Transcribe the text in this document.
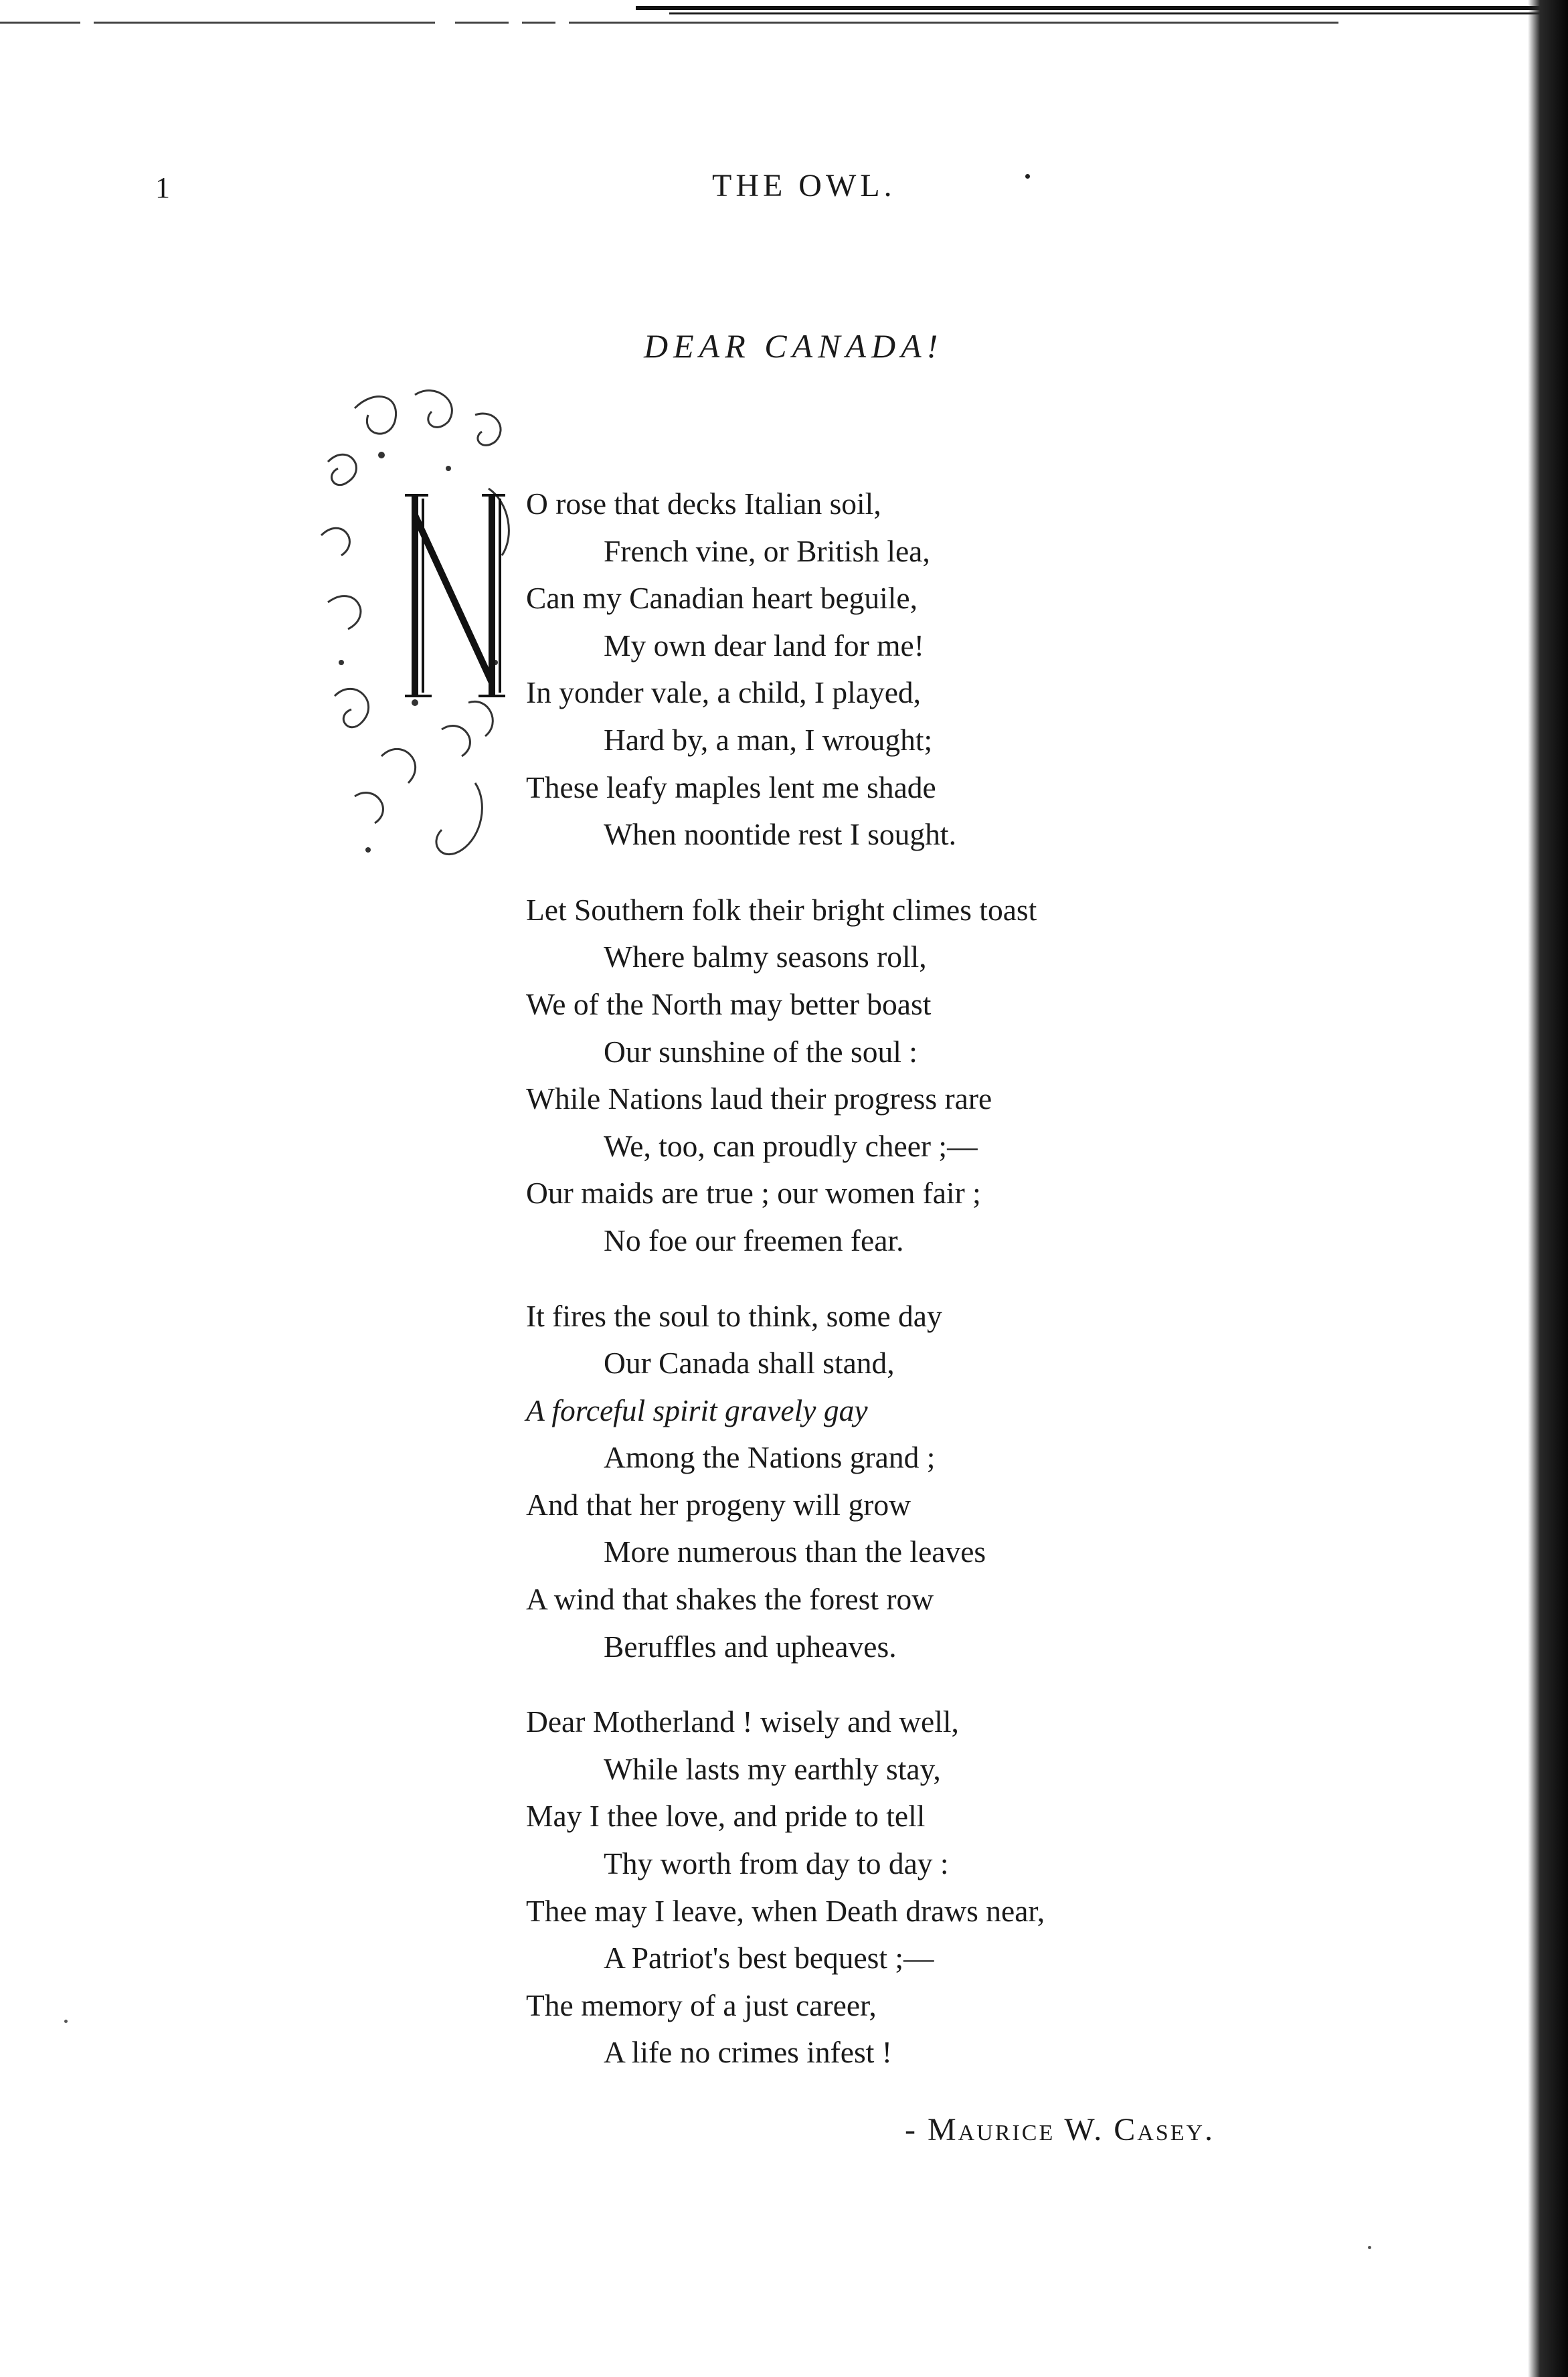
1	THE OWL.
DEAR CANADA!
O rose that decks Italian soil,
French vine, or British lea,
Can my Canadian heart beguile,
My own dear land for me!
In yonder vale, a child, I played,
Hard by, a man, I wrought;
These leafy maples lent me shade
When noontide rest I sought.
Let Southern folk their bright climes toast
Where balmy seasons roll,
We of the North may better boast
Our sunshine of the soul :
While Nations laud their progress rare
We, too, can proudly cheer ;—
Our maids are true ; our women fair ;
No foe our freemen fear.
It fires the soul to think, some day
Our Canada shall stand,
A forceful spirit gravely gay
Among the Nations grand ;
And that her progeny will grow
More numerous than the leaves
A wind that shakes the forest row
Beruffles and upheaves.
Dear Motherland ! wisely and well,
While lasts my earthly stay,
May I thee love, and pride to tell
Thy worth from day to day :
Thee may I leave, when Death draws near,
A Patriot's best bequest ;—
The memory of a just career,
A life no crimes infest !
- Maurice W. Casey.
